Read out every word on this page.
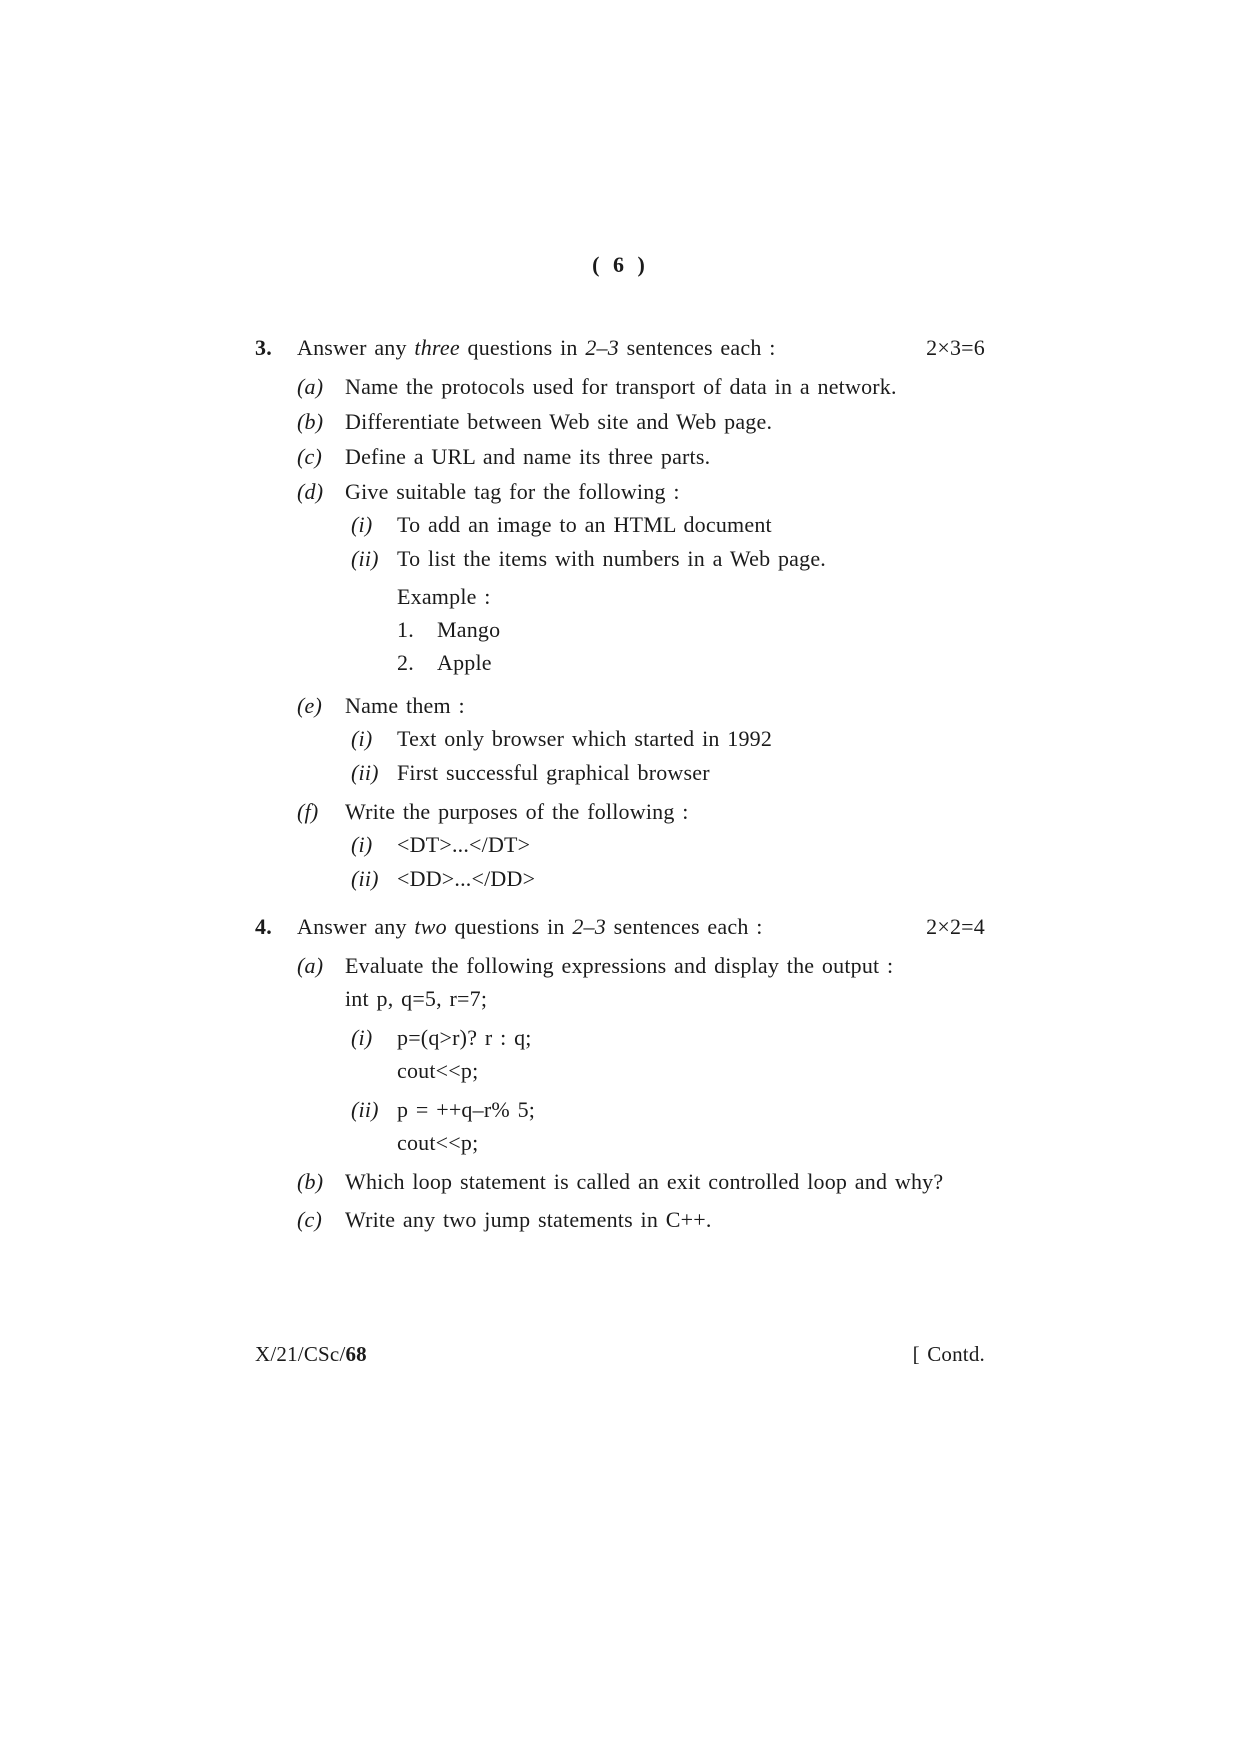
( 6 )
3.	Answer any three questions in 2–3 sentences each :	2×3=6
(a) Name the protocols used for transport of data in a network.
(b) Differentiate between Web site and Web page.
(c)	Define a URL and name its three parts.
(d) Give suitable tag for the following :
(i)	To add an image to an HTML document
(ii) To list the items with numbers in a Web page.
Example :
1.	Mango
2.	Apple
(e)	Name them :
(i)	Text only browser which started in 1992
(ii) First successful graphical browser
(f)	Write the purposes of the following :
(i)	<DT>...</DT>
(ii) <DD>...</DD>
4.	Answer any two questions in 2–3 sentences each :	2×2=4
(a) Evaluate the following expressions and display the output :
int p, q=5, r=7;
(i)	p=(q>r)? r : q;
cout<<p;
(ii) p = ++q–r% 5;
cout<<p;
(b) Which loop statement is called an exit controlled loop and why?
(c)	Write any two jump statements in C++.
X/21/CSc/68	[ Contd.
